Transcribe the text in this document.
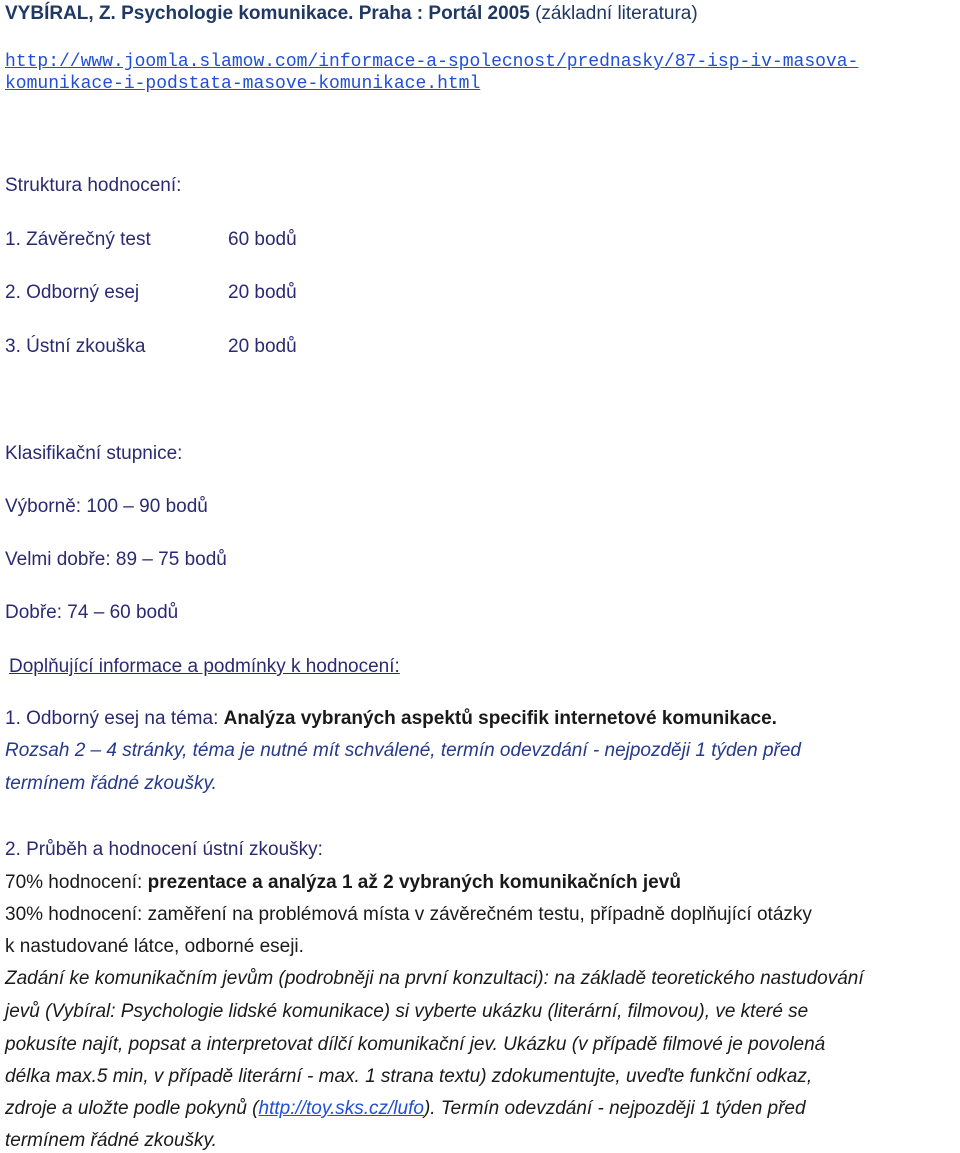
VYBÍRAL, Z. Psychologie komunikace. Praha : Portál 2005 (základní literatura)
http://www.joomla.slamow.com/informace-a-spolecnost/prednasky/87-isp-iv-masova-
komunikace-i-podstata-masove-komunikace.html
Struktura hodnocení:
1. Závěrečný test	60 bodů
2. Odborný esej	20 bodů
3. Ústní zkouška	20 bodů
Klasifikační stupnice:
Výborně: 100 – 90 bodů
Velmi dobře: 89 – 75 bodů
Dobře: 74 – 60 bodů
Doplňující informace a podmínky k hodnocení:
1. Odborný esej na téma: Analýza vybraných aspektů specifik internetové komunikace.
Rozsah 2 – 4 stránky, téma je nutné mít schválené, termín odevzdání - nejpozději 1 týden před
termínem řádné zkoušky.
2. Průběh a hodnocení ústní zkoušky:
70% hodnocení: prezentace a analýza 1 až 2 vybraných komunikačních jevů
30% hodnocení: zaměření na problémová místa v závěrečném testu, případně doplňující otázky
k nastudované látce, odborné eseji.
Zadání ke komunikačním jevům (podrobněji na první konzultaci): na základě teoretického nastudování
jevů (Vybíral: Psychologie lidské komunikace) si vyberte ukázku (literární, filmovou), ve které se
pokusíte najít, popsat a interpretovat dílčí komunikační jev. Ukázku (v případě filmové je povolená
délka max.5 min, v případě literární - max. 1 strana textu) zdokumentujte, uveďte funkční odkaz,
zdroje a uložte podle pokynů (http://toy.sks.cz/lufo). Termín odevzdání - nejpozději 1 týden před
termínem řádné zkoušky.
